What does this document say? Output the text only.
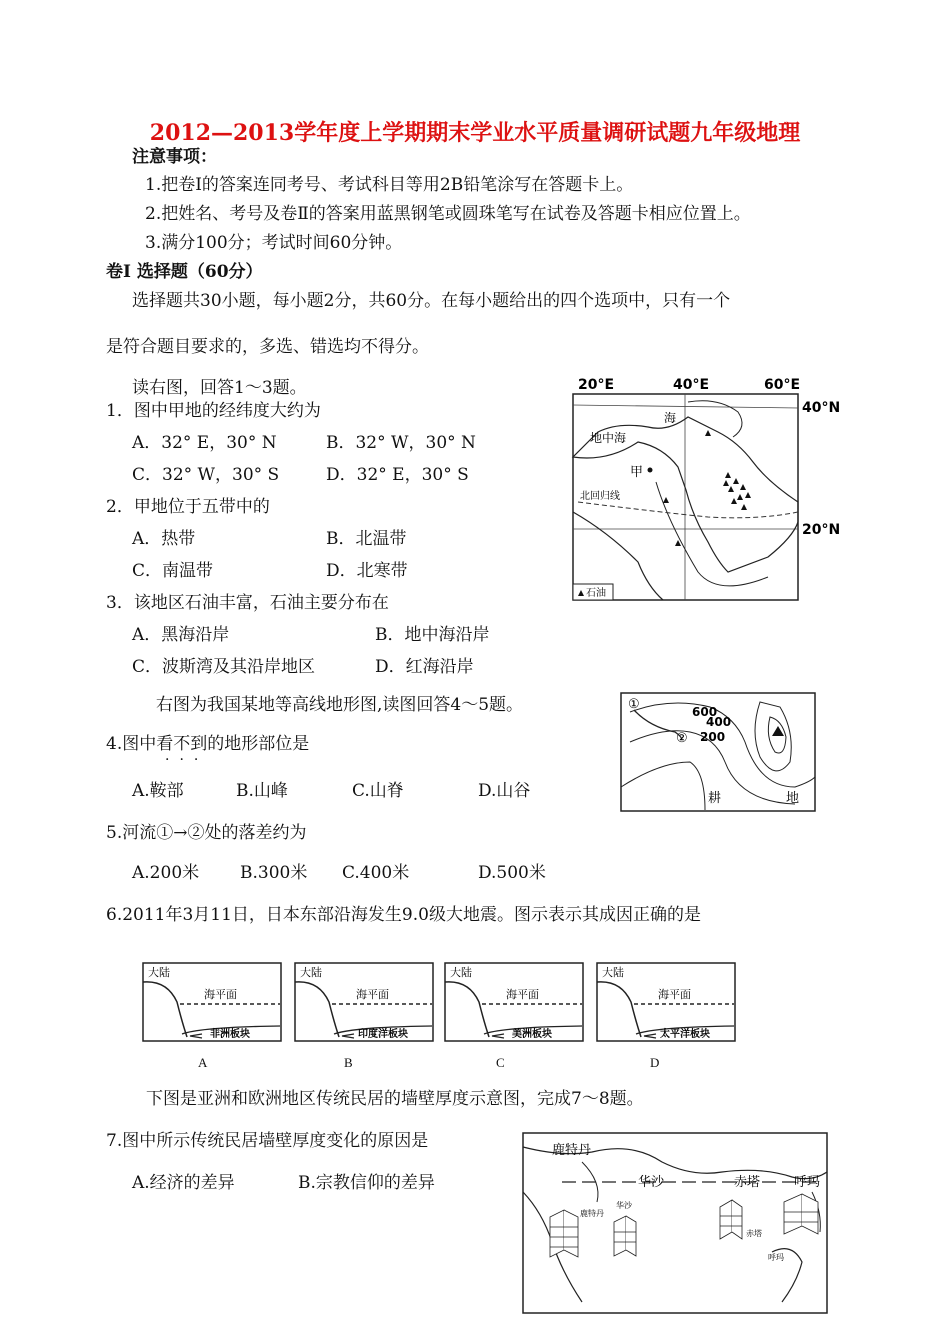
2012—2013学年度上学期期末学业水平质量调研试题九年级地理
注意事项：
1.把卷Ⅰ的答案连同考号、考试科目等用2B铅笔涂写在答题卡上。
2.把姓名、考号及卷Ⅱ的答案用蓝黑钢笔或圆珠笔写在试卷及答题卡相应位置上。
3.满分100分；考试时间60分钟。
卷Ⅰ 选择题（60分）
选择题共30小题，每小题2分，共60分。在每小题给出的四个选项中，只有一个
是符合题目要求的，多选、错选均不得分。
读右图，回答1～3题。
1．图中甲地的经纬度大约为
A．32° E，30° N	B．32° W，30° N
C．32° W，30° S	D．32° E，30° S
2．甲地位于五带中的
A．热带	B．北温带
C．南温带	D．北寒带
3．该地区石油丰富，石油主要分布在
A．黑海沿岸	B．地中海沿岸
C．波斯湾及其沿岸地区	D．红海沿岸
20°E	40°E	60°E
40°N
20°N
北回归线
地中海
海
甲
石油
右图为我国某地等高线地形图,读图回答4～5题。	①
②
600
400
200
耕	地
4.图中看不到的地形部位是
···
A.鞍部	B.山峰	C.山脊	D.山谷
5.河流①→②处的落差约为
A.200米 B.300米 C.400米	D.500米
6.2011年3月11日，日本东部沿海发生9.0级大地震。图示表示其成因正确的是
大陆
海平面
非洲板块
大陆
海平面
印度洋板块
大陆
海平面
美洲板块
大陆
海平面
太平洋板块
A	B	C	D
下图是亚洲和欧洲地区传统民居的墙壁厚度示意图，完成7～8题。
7.图中所示传统民居墙壁厚度变化的原因是
A.经济的差异	B.宗教信仰的差异
鹿特丹
华沙	赤塔	呼玛
鹿特丹
华沙
赤塔
呼玛
